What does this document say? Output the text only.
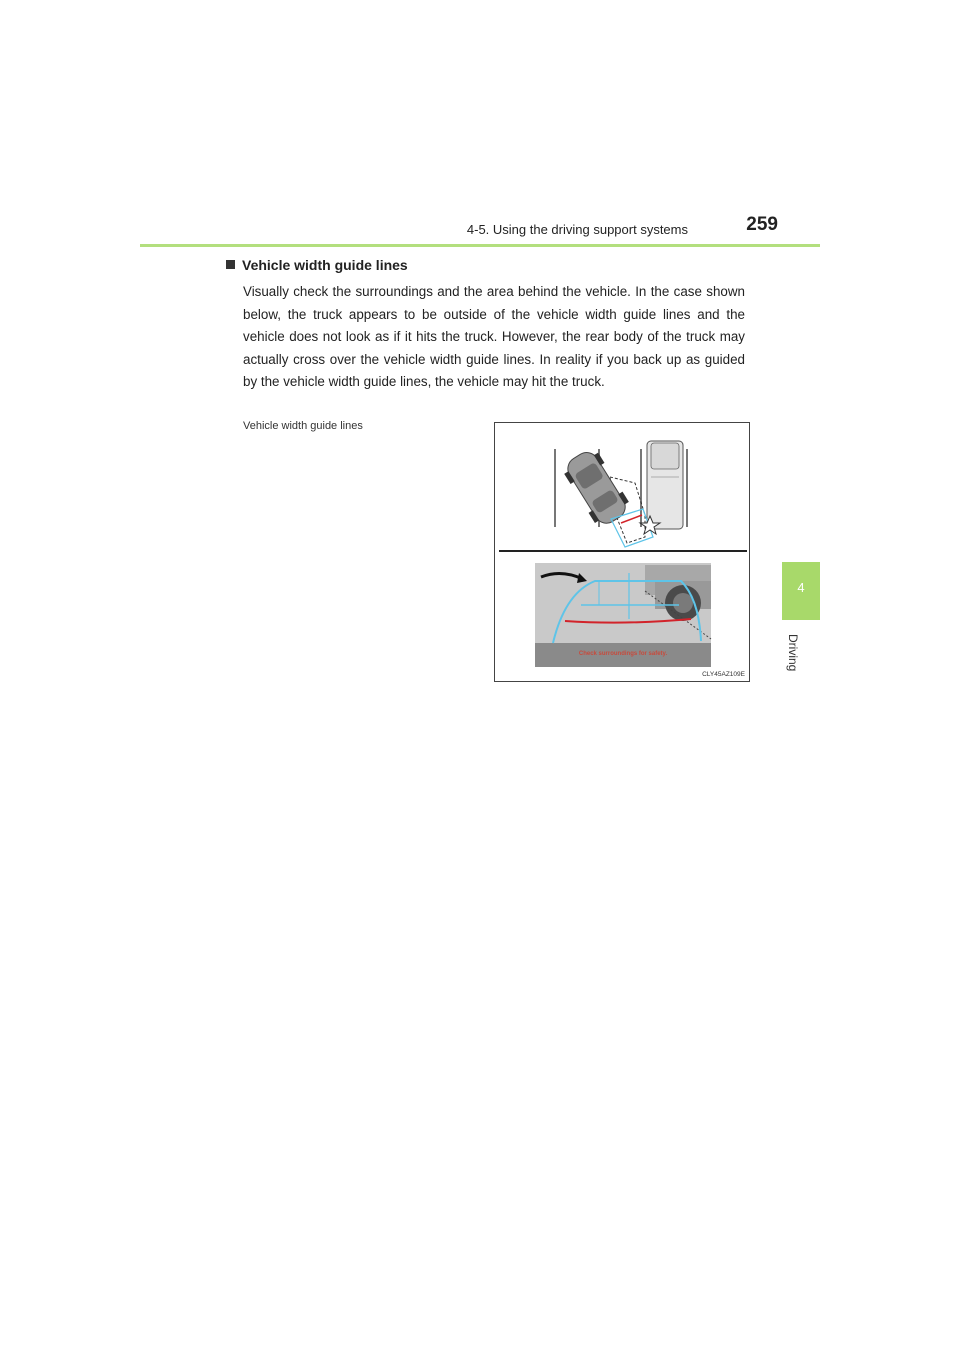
4-5. Using the driving support systems	259
4
Driving
Vehicle width guide lines
Visually check the surroundings and the area behind the vehicle. In the case shown below, the truck appears to be outside of the vehicle width guide lines and the vehicle does not look as if it hits the truck. However, the rear body of the truck may actually cross over the vehicle width guide lines. In reality if you back up as guided by the vehicle width guide lines, the vehicle may hit the truck.
Vehicle width guide lines
Check surroundings for safety.
CLY45AZ109E
